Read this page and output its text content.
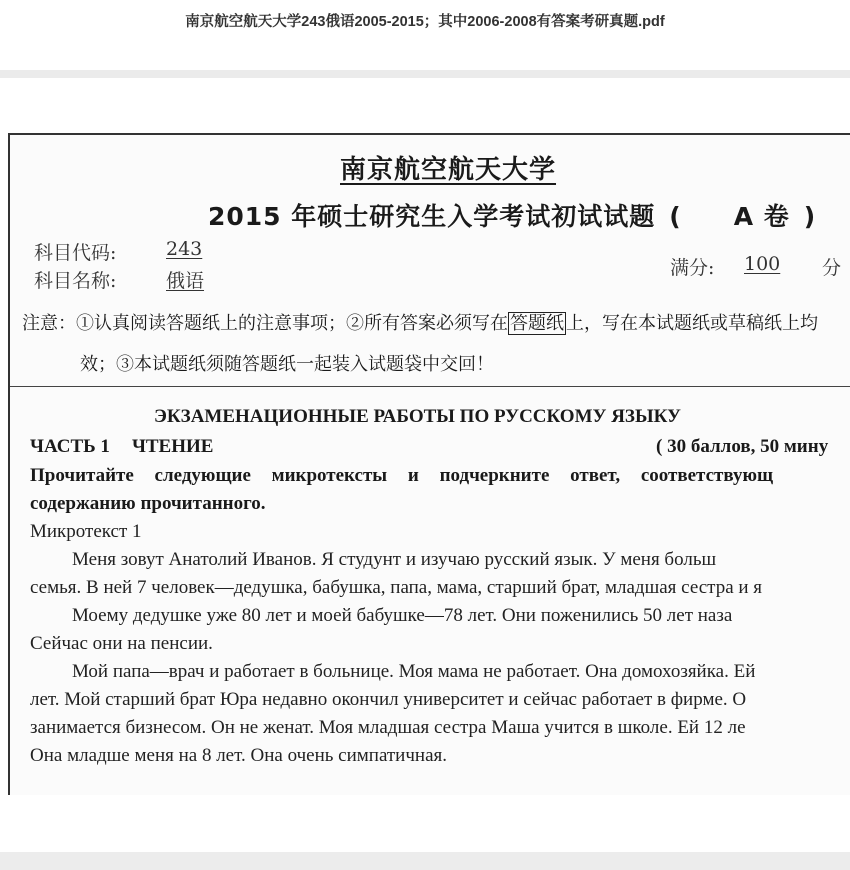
南京航空航天大学243俄语2005-2015；其中2006-2008有答案考研真题.pdf
南京航空航天大学
2015 年硕士研究生入学考试初试试题 ( A 卷 )
科目代码:	243
科目名称:	俄语
满分: 100 分
注意：①认真阅读答题纸上的注意事项；②所有答案必须写在 答题纸 上，写在本试题纸或草稿纸上均
效；③本试题纸须随答题纸一起装入试题袋中交回！
ЭКЗАМЕНАЦИОННЫЕ РАБОТЫ ПО РУССКОМУ ЯЗЫКУ
ЧАСТЬ 1 ЧТЕНИЕ	( 30 баллов, 50 мину
Прочитайте следующие микротексты и подчеркните ответ, соответствующ
содержанию прочитанного.
Микротекст 1
Меня зовут Анатолий Иванов. Я студунт и изучаю русский язык. У меня больш
семья. В ней 7 человек—дедушка, бабушка, папа, мама, старший брат, младшая сестра и я
Моему дедушке уже 80 лет и моей бабушке—78 лет. Они поженились 50 лет наза
Сейчас они на пенсии.
Мой папа—врач и работает в больнице. Моя мама не работает. Она домохозяйка. Ей
лет. Мой старший брат Юра недавно окончил университет и сейчас работает в фирме. О
занимается бизнесом. Он не женат. Моя младшая сестра Маша учится в школе. Ей 12 ле
Она младше меня на 8 лет. Она очень симпатичная.
